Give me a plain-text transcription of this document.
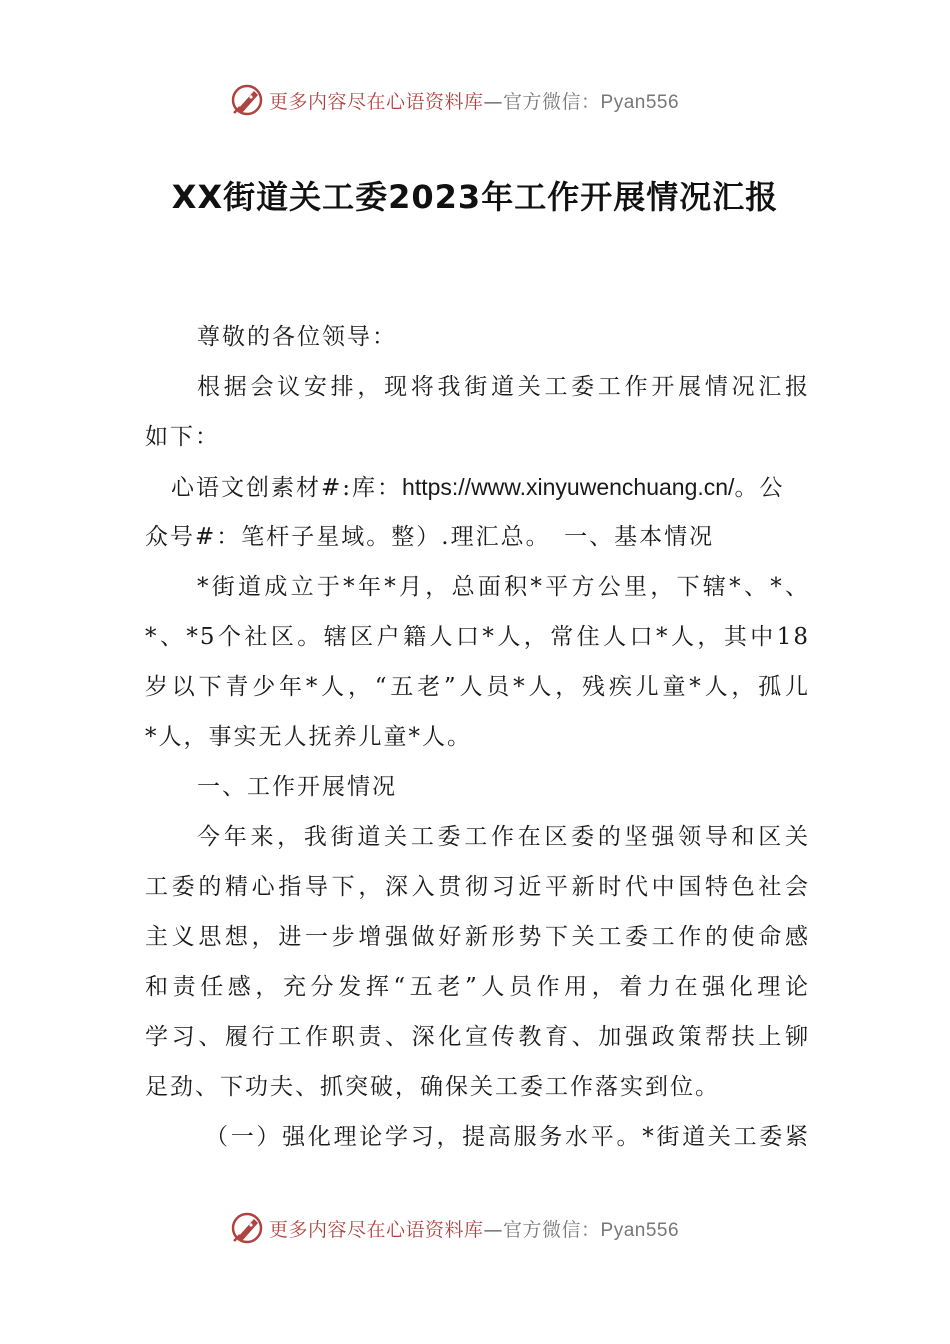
更多内容尽在心语资料库—官方微信：Pyan556
XX街道关工委2023年工作开展情况汇报
尊敬的各位领导：
根据会议安排，现将我街道关工委工作开展情况汇报
如下：
心语文创素材#:库：https://www.xinyuwenchuang.cn/。公
众号#：笔杆子星域。整）.理汇总。　一、基本情况
*街道成立于*年*月，总面积*平方公里，下辖*、*、
*、*5个社区。辖区户籍人口*人，常住人口*人，其中18
岁以下青少年*人，“五老”人员*人，残疾儿童*人，孤儿
*人，事实无人抚养儿童*人。
一、工作开展情况
今年来，我街道关工委工作在区委的坚强领导和区关
工委的精心指导下，深入贯彻习近平新时代中国特色社会
主义思想，进一步增强做好新形势下关工委工作的使命感
和责任感，充分发挥“五老”人员作用，着力在强化理论
学习、履行工作职责、深化宣传教育、加强政策帮扶上铆
足劲、下功夫、抓突破，确保关工委工作落实到位。
（一）强化理论学习，提高服务水平。*街道关工委紧
更多内容尽在心语资料库—官方微信：Pyan556
